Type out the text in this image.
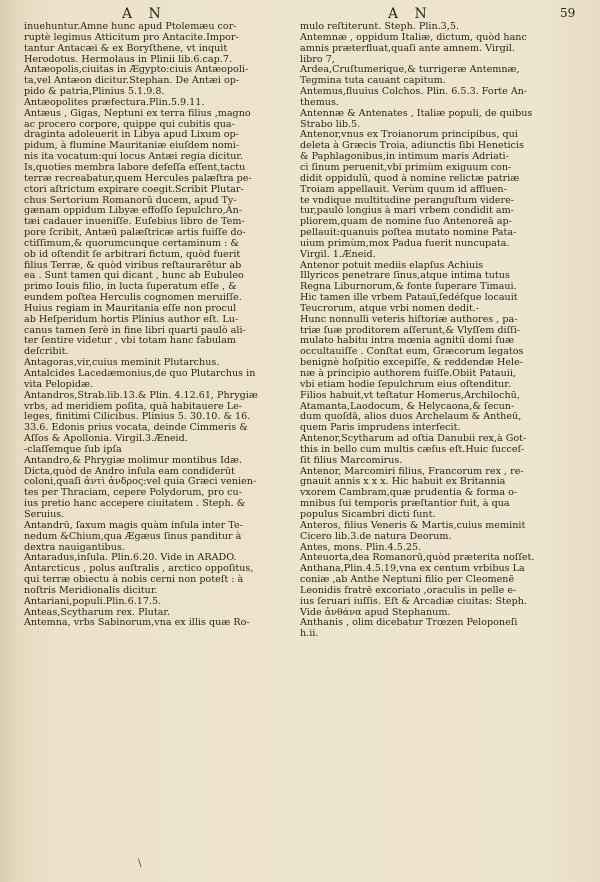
A N	A N	59

inuehuntur.Amne hunc apud Ptolemæu cor-

ruptè legimus Atticitum pro Antacite.Impor-

tantur Antacæi & ex Boryſthene, vt inquit

Herodotus. Hermolaus in Plinii lib.6.cap.7.

Antæopolis,ciuitas in Ægypto:ciuis Antæopoli-

ta,vel Antæon dicitur.Stephan. De Antæi op-

pido & patria,Plinius 5.1.9.8.

Antæopolites præfectura.Plin.5.9.11.

Antæus , Gigas, Neptuni ex terra filius ,magno

ac procero corpore, quippe qui cubitis qua-

draginta adoleuerit in Libya apud Lixum op-

pidum, à flumine Mauritaniæ eiuſdem nomi-

nis ita vocatum:qui locus Antæi regia dicitur.

Is,quoties membra labore defeſſa eſſent,tactu

terræ recreabatur,quem Hercules palæſtra pe-

ctori aſtrictum expirare coegit.Scribit Plutar-

chus Sertorium Romanorū ducem, apud Ty-

gænam oppidum Libyæ effoſſo ſepulchro,An-

tæi cadauer inueniſſe. Euſebius libro de Tem-

pore ſcribit, Antæū palæſtricæ artis fuiſſe do-

ctiſſimum,& quorumcunque certaminum : &

ob id oſtendit ſe arbitrari fictum, quòd fuerit

filius Terræ, & quòd viribus reſtaurarētur ab

ea . Sunt tamen qui dicant , hunc ab Eubuleo

primo Iouis filio, in lucta ſuperatum eſſe , &

eundem poſtea Herculis cognomen meruiſſe.

Huius regiam in Mauritania eſſe non procul

ab Heſperidum hortis Plinius author eſt. Lu-

canus tamen ſerè in fine libri quarti paulò ali-

ter ſentire videtur , vbi totam hanc fabulam

deſcribit.

Antagoras,vir,cuius meminit Plutarchus.

Antalcides Lacedæmonius,de quo Plutarchus in

vita Pelopidæ.

Antandros,Strab.lib.13.& Plin. 4.12.61, Phrygiæ

vrbs, ad meridiem poſita, quā habitauere Le-

leges, finitimi Cilicibus. Plinius 5. 30.10. & 16.

33.6. Edonis prius vocata, deinde Cimmeris &

Aſſos & Apollonia. Virgil.3.Æneid.

-claſſemque ſub ipſa

Antandro,& Phrygiæ molimur montibus Idæ.

Dicta,quòd de Andro inſula eam condiderūt

coloni,quaſi ἀντὶ ἀνδρος:vel quia Græci venien-

tes per Thraciam, cepere Polydorum, pro cu-

ius pretio hanc accepere ciuitatem . Steph. &

Seruius.

Antandrū, ſaxum magis quàm inſula inter Te-

nedum &Chium,qua Ægæus ſinus panditur à

dextra nauigantibus.

Antaradus,inſula. Plin.6.20. Vide in ARADO.

Antarcticus , polus auſtralis , arctico oppoſitus,

qui terræ obiectu à nobis cerni non poteſt : à

noſtris Meridionalis dicitur.

Antariani,populi.Plin.6.17.5.

Anteas,Scytharum rex. Plutar.

Antemna, vrbs Sabinorum,vna ex illis quæ Ro-

mulo reſtiterunt. Steph. Plin.3,5.

Antemnæ , oppidum Italiæ, dictum, quòd hanc

amnis præterfluat,quaſi ante amnem. Virgil.

libro 7,

Ardea,Cruſtumerique,& turrigeræ Antemnæ,

Tegmina tuta cauant capitum.

Antemus,fluuius Colchos. Plin. 6.5.3. Forte An-

themus.

Antennæ & Antenates , Italiæ populi, de quibus

Strabo lib.5.

Antenor,vnus ex Troianorum principibus, qui

deleta à Græcis Troia, adiunctis ſibi Heneticis

& Paphlagonibus,in intimum maris Adriati-

ci ſinum peruenit,vbi primùm exiguum con-

didit oppidulū, quod à nomine relictæ patriæ

Troiam appellauit. Verùm quum id affluen-

te vndique multitudine peranguſtum videre-

tur,paulò longius à mari vrbem condidit am-

pliorem,quam de nomine ſuo Antenoreā ap-

pellauit:quanuis poſtea mutato nomine Pata-

uium primùm,mox Padua fuerit nuncupata.

Virgil. 1.Æneid.

Antenor potuit mediis elapſus Achiuis

Illyricos penetrare ſinus,atque intima tutus

Regna Liburnorum,& fonte ſuperare Timaui.

Hic tamen ille vrbem Patauī,ſedéſque locauit

Teucrorum, atque vrbi nomen dedit.-

Hunc nonnulli veteris hiſtoriæ authores , pa-

triæ ſuæ proditorem aſſerunt,& Vlyſſem diſſi-

mulato habitu intra mœnia agnitū domi ſuæ

occultauiſſe . Conſtat eum, Græcorum legatos

benignè hoſpitio excepiſſe, & reddendæ Hele-

næ à principio authorem fuiſſe.Obiit Patauii,

vbi etiam hodie ſepulchrum eius oſtenditur.

Filios habuit,vt teſtatur Homerus,Archilochū,

Atamanta,Laodocum, & Helycaona,& ſecun-

dum quoſdā, alios duos Archelaum & Antheū,

quem Paris imprudens interfecit.

Antenor,Scytharum ad oſtia Danubii rex,à Got-

this in bello cum multis cæſus eſt.Huic ſucceſ-

ſit filius Marcomirus.

Antenor, Marcomiri filius, Francorum rex , re-

gnauit annis x x x. Hic habuit ex Britannia

vxorem Cambram,quæ prudentia & forma o-

mnibus ſui temporis præſtantior fuit, à qua

populus Sicambri dicti ſunt.

Anteros, filius Veneris & Martis,cuius meminit

Cicero lib.3.de natura Deorum.

Antes, mons. Plin.4.5.25.

Anteuorta,dea Romanorū,quòd præterita noſſet.

Anthana,Plin.4.5.19,vna ex centum vrbibus La

coniæ ,ab Anthe Neptuni filio per Cleomenē

Leonidis fratrē excoriato ,oraculis in pelle e-

ius ſeruari iuſſis. Eſt & Arcadiæ ciuitas: Steph.

Vide ἀνθάνα apud Stephanum.

Anthanis , olim dicebatur Trœzen Peloponeſi

h.ii.

\
